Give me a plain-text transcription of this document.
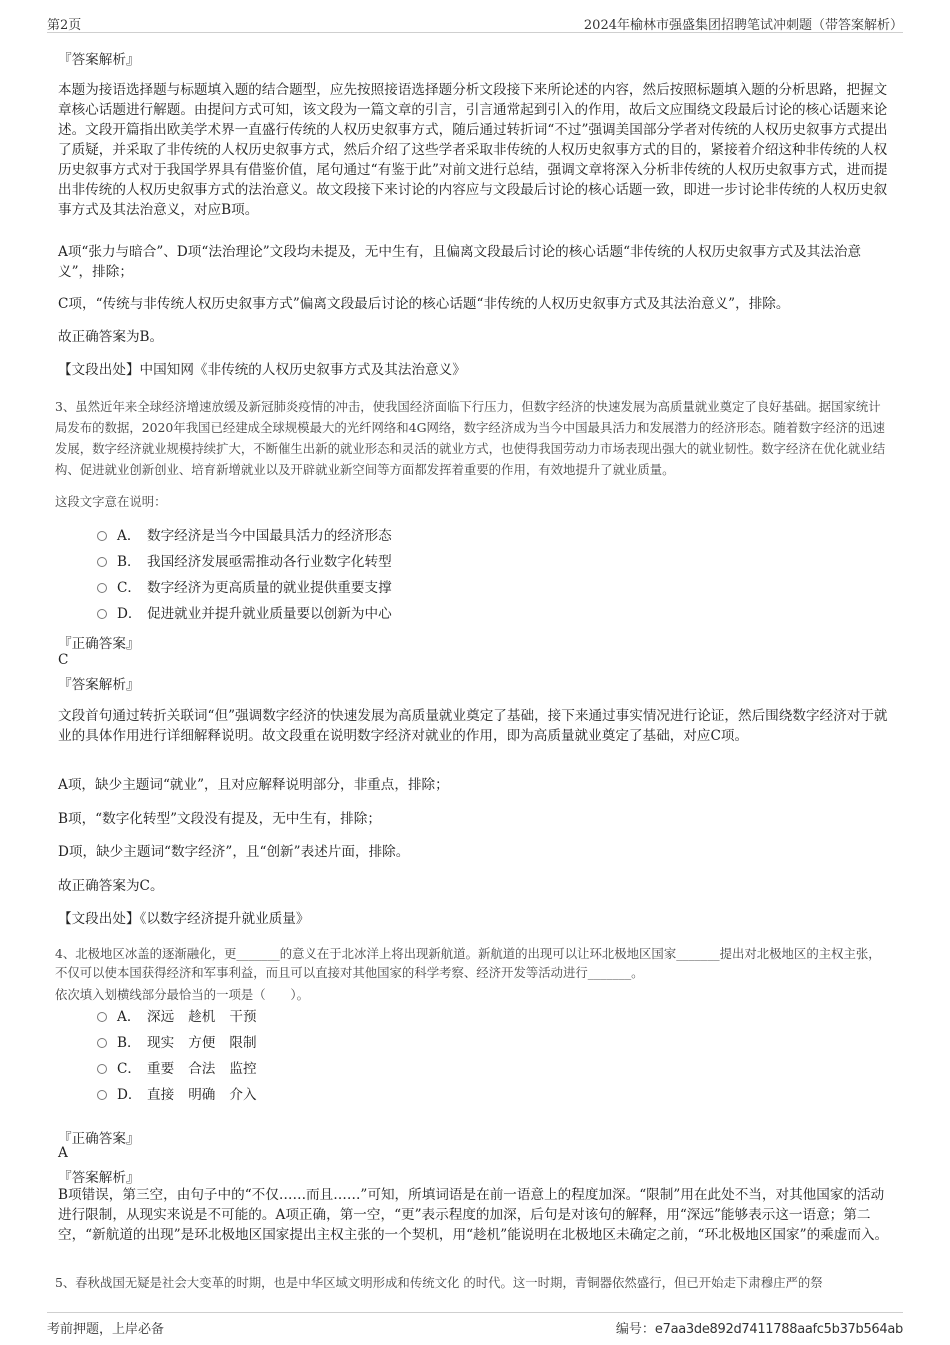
第2页	2024年榆林市强盛集团招聘笔试冲刺题（带答案解析）
『答案解析』
本题为接语选择题与标题填入题的结合题型，应先按照接语选择题分析文段接下来所论述的内容，然后按照标题填入题的分析思路，把握文章核心话题进行解题。由提问方式可知，该文段为一篇文章的引言，引言通常起到引入的作用，故后文应围绕文段最后讨论的核心话题来论述。文段开篇指出欧美学术界一直盛行传统的人权历史叙事方式，随后通过转折词“不过”强调美国部分学者对传统的人权历史叙事方式提出了质疑，并采取了非传统的人权历史叙事方式，然后介绍了这些学者采取非传统的人权历史叙事方式的目的，紧接着介绍这种非传统的人权历史叙事方式对于我国学界具有借鉴价值，尾句通过“有鉴于此”对前文进行总结，强调文章将深入分析非传统的人权历史叙事方式，进而提出非传统的人权历史叙事方式的法治意义。故文段接下来讨论的内容应与文段最后讨论的核心话题一致，即进一步讨论非传统的人权历史叙事方式及其法治意义，对应B项。
A项“张力与暗合”、D项“法治理论”文段均未提及，无中生有，且偏离文段最后讨论的核心话题“非传统的人权历史叙事方式及其法治意义”，排除；
C项，“传统与非传统人权历史叙事方式”偏离文段最后讨论的核心话题“非传统的人权历史叙事方式及其法治意义”，排除。
故正确答案为B。
【文段出处】中国知网《非传统的人权历史叙事方式及其法治意义》
3、虽然近年来全球经济增速放缓及新冠肺炎疫情的冲击，使我国经济面临下行压力，但数字经济的快速发展为高质量就业奠定了良好基础。据国家统计局发布的数据，2020年我国已经建成全球规模最大的光纤网络和4G网络，数字经济成为当今中国最具活力和发展潜力的经济形态。随着数字经济的迅速发展，数字经济就业规模持续扩大，不断催生出新的就业形态和灵活的就业方式，也使得我国劳动力市场表现出强大的就业韧性。数字经济在优化就业结构、促进就业创新创业、培育新增就业以及开辟就业新空间等方面都发挥着重要的作用，有效地提升了就业质量。
这段文字意在说明：
A． 数字经济是当今中国最具活力的经济形态
B． 我国经济发展亟需推动各行业数字化转型
C． 数字经济为更高质量的就业提供重要支撑
D． 促进就业并提升就业质量要以创新为中心
『正确答案』
C
『答案解析』
文段首句通过转折关联词“但”强调数字经济的快速发展为高质量就业奠定了基础，接下来通过事实情况进行论证，然后围绕数字经济对于就业的具体作用进行详细解释说明。故文段重在说明数字经济对就业的作用，即为高质量就业奠定了基础，对应C项。
A项，缺少主题词“就业”，且对应解释说明部分，非重点，排除；
B项，“数字化转型”文段没有提及，无中生有，排除；
D项，缺少主题词“数字经济”，且“创新”表述片面，排除。
故正确答案为C。
【文段出处】《以数字经济提升就业质量》
4、北极地区冰盖的逐渐融化，更_______的意义在于北冰洋上将出现新航道。新航道的出现可以让环北极地区国家_______提出对北极地区的主权主张，不仅可以使本国获得经济和军事利益，而且可以直接对其他国家的科学考察、经济开发等活动进行_______。
依次填入划横线部分最恰当的一项是（　　）。
A． 深远 趁机 干预
B． 现实 方便 限制
C． 重要 合法 监控
D． 直接 明确 介入
『正确答案』
A
『答案解析』
B项错误，第三空，由句子中的“不仅……而且……”可知，所填词语是在前一语意上的程度加深。“限制”用在此处不当，对其他国家的活动进行限制，从现实来说是不可能的。A项正确，第一空，“更”表示程度的加深，后句是对该句的解释，用“深远”能够表示这一语意；第二空，“新航道的出现”是环北极地区国家提出主权主张的一个契机，用“趁机”能说明在北极地区未确定之前，“环北极地区国家”的乘虚而入。
5、春秋战国无疑是社会大变革的时期，也是中华区域文明形成和传统文化 的时代。这一时期，青铜器依然盛行，但已开始走下肃穆庄严的祭
考前押题，上岸必备	编号：e7aa3de892d7411788aafc5b37b564ab
